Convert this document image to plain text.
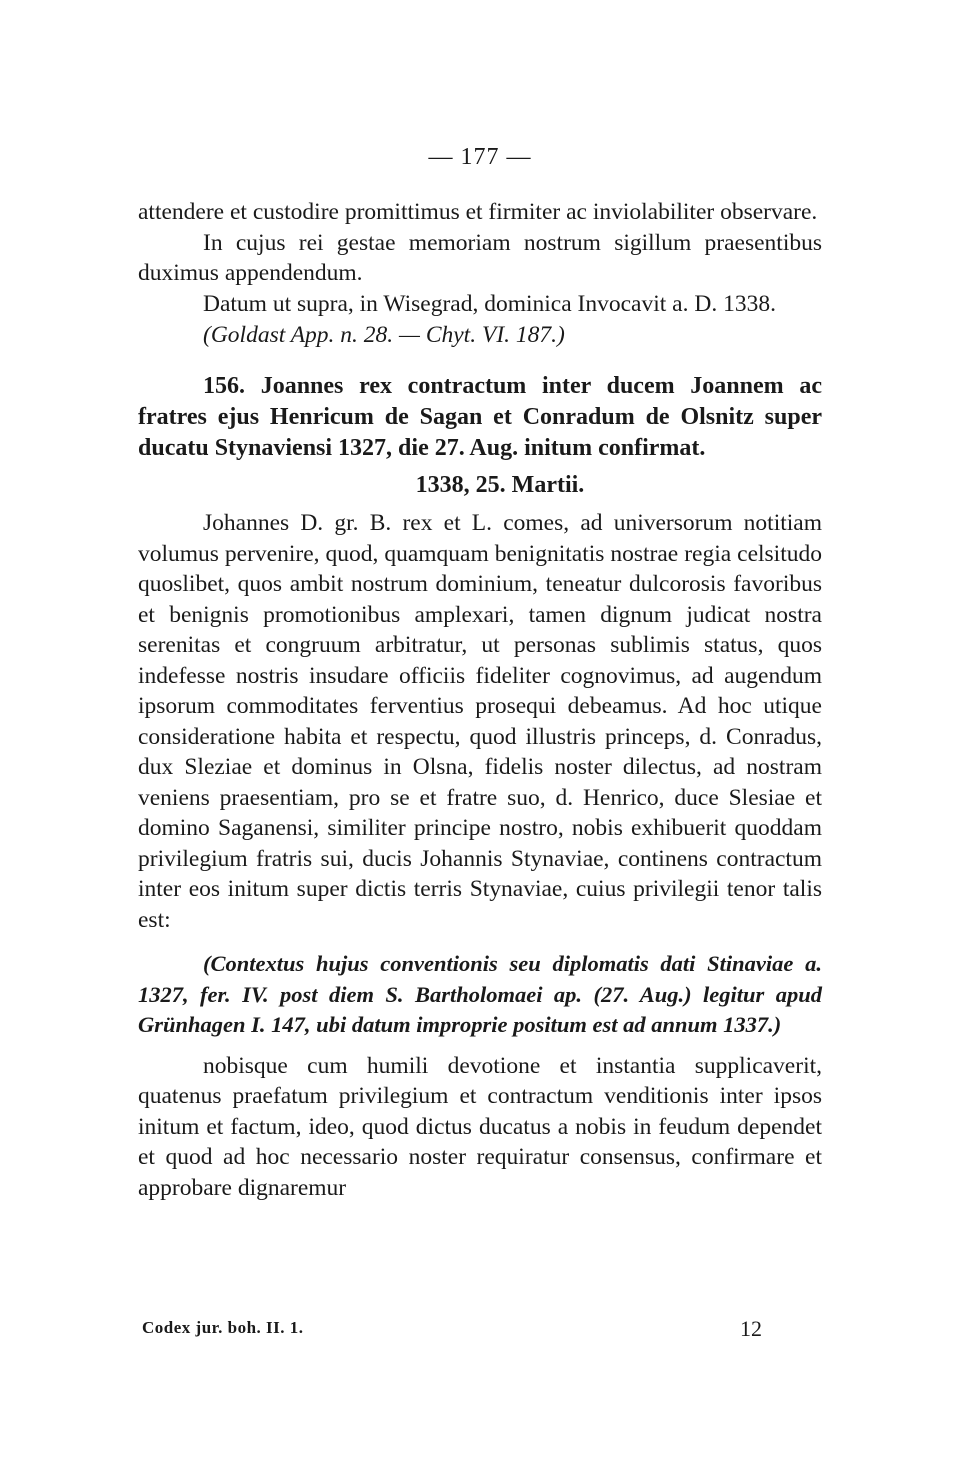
— 177 —

attendere et custodire promittimus et firmiter ac inviolabiliter observare.

In cujus rei gestae memoriam nostrum sigillum praesentibus duximus appendendum.

Datum ut supra, in Wisegrad, dominica Invocavit a. D. 1338.

(Goldast App. n. 28. — Chyt. VI. 187.)

156. Joannes rex contractum inter ducem Joannem ac fratres ejus Henricum de Sagan et Conradum de Olsnitz super ducatu Stynaviensi 1327, die 27. Aug. initum confirmat.

1338, 25. Martii.

Johannes D. gr. B. rex et L. comes, ad universorum notitiam volumus pervenire, quod, quamquam benignitatis nostrae regia celsitudo quoslibet, quos ambit nostrum dominium, teneatur dulcorosis favoribus et benignis promotionibus amplexari, tamen dignum judicat nostra serenitas et congruum arbitratur, ut personas sublimis status, quos indefesse nostris insudare officiis fideliter cognovimus, ad augendum ipsorum commoditates ferventius prosequi debeamus. Ad hoc utique consideratione habita et respectu, quod illustris princeps, d. Conradus, dux Sleziae et dominus in Olsna, fidelis noster dilectus, ad nostram veniens praesentiam, pro se et fratre suo, d. Henrico, duce Slesiae et domino Saganensi, similiter principe nostro, nobis exhibuerit quoddam privilegium fratris sui, ducis Johannis Stynaviae, continens contractum inter eos initum super dictis terris Stynaviae, cuius privilegii tenor talis est:

(Contextus hujus conventionis seu diplomatis dati Stinaviae a. 1327, fer. IV. post diem S. Bartholomaei ap. (27. Aug.) legitur apud Grünhagen I. 147, ubi datum improprie positum est ad annum 1337.)

nobisque cum humili devotione et instantia supplicaverit, quatenus praefatum privilegium et contractum venditionis inter ipsos initum et factum, ideo, quod dictus ducatus a nobis in feudum dependet et quod ad hoc necessario noster requiratur consensus, confirmare et approbare dignaremur

Codex jur. boh. II. 1.	12
